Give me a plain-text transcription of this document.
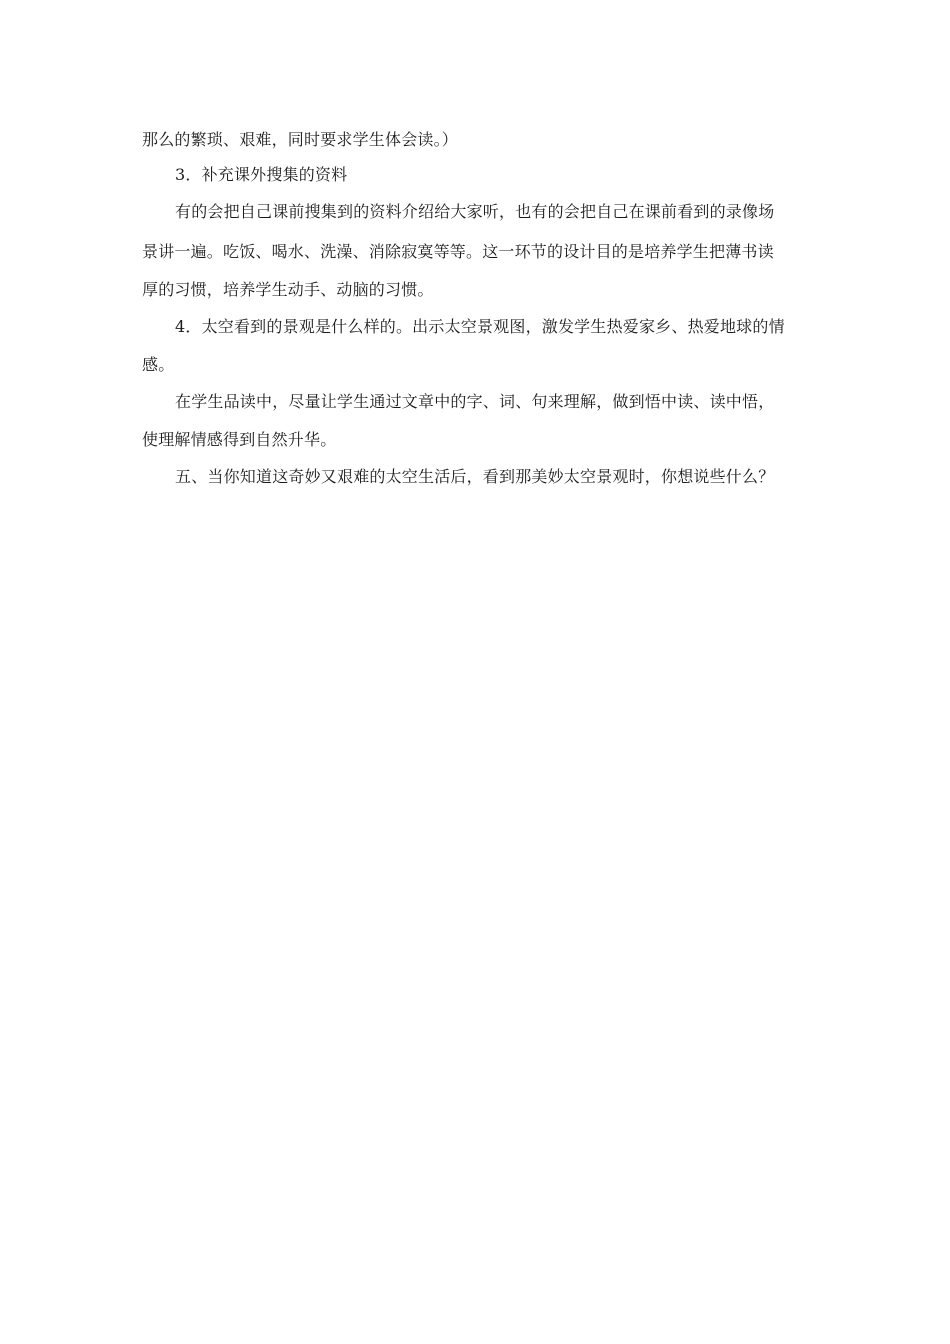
那么的繁琐、艰难，同时要求学生体会读。）
3．补充课外搜集的资料
有的会把自己课前搜集到的资料介绍给大家听，也有的会把自己在课前看到的录像场
景讲一遍。吃饭、喝水、洗澡、消除寂寞等等。这一环节的设计目的是培养学生把薄书读
厚的习惯，培养学生动手、动脑的习惯。
4．太空看到的景观是什么样的。出示太空景观图，激发学生热爱家乡、热爱地球的情
感。
在学生品读中，尽量让学生通过文章中的字、词、句来理解，做到悟中读、读中悟，
使理解情感得到自然升华。
五、当你知道这奇妙又艰难的太空生活后，看到那美妙太空景观时，你想说些什么？
